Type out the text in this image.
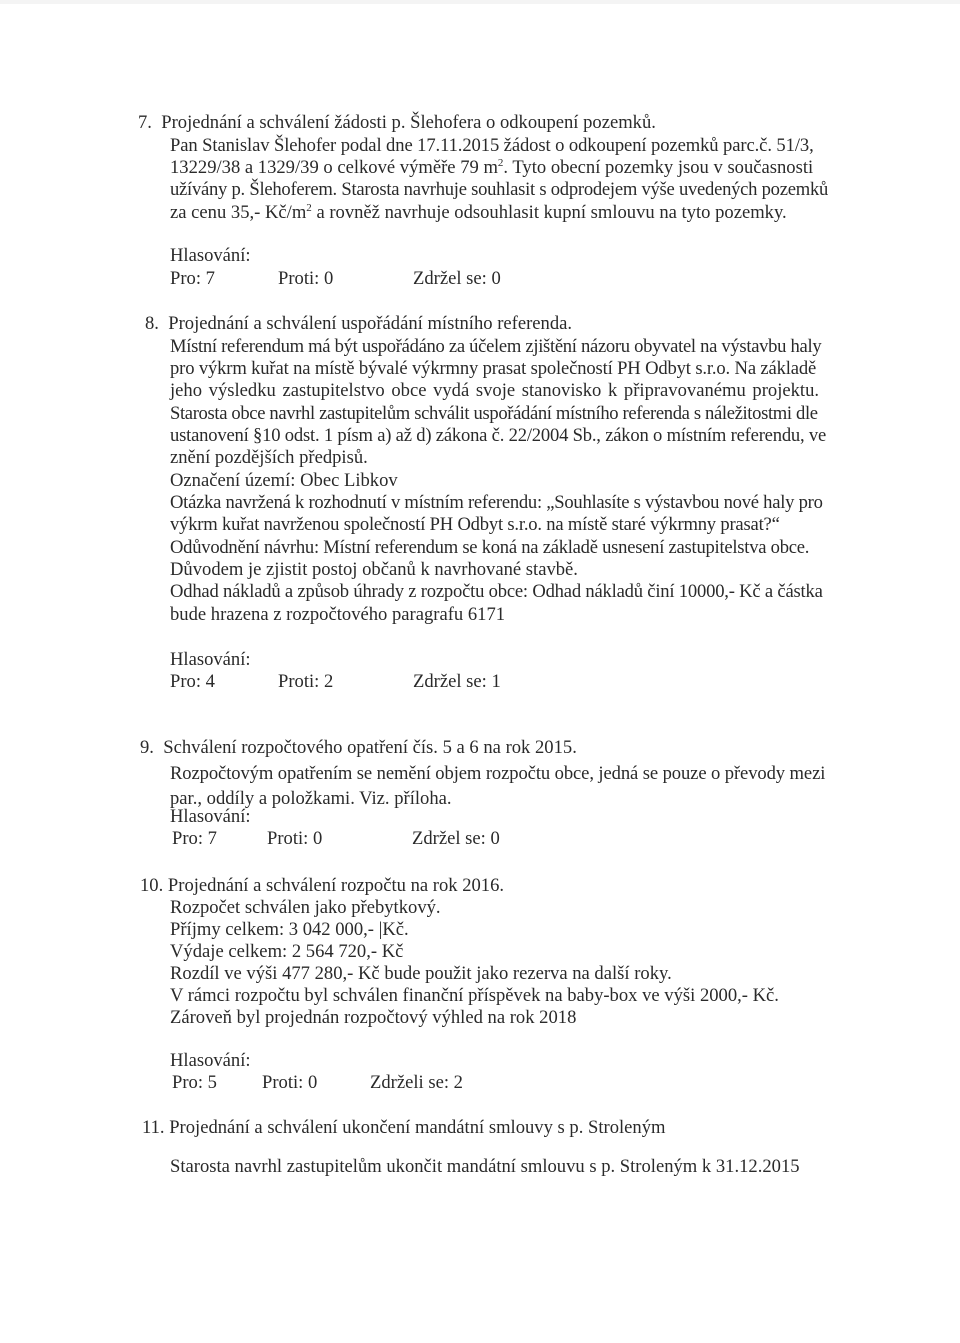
7. Projednání a schválení žádosti p. Šlehofera o odkoupení pozemků.
Pan Stanislav Šlehofer podal dne 17.11.2015 žádost o odkoupení pozemků parc.č. 51/3,
13229/38 a 1329/39 o celkové výměře 79 $m^2$. Tyto obecní pozemky jsou v současnosti
užívány p. Šlehoferem. Starosta navrhuje souhlasit s odprodejem výše uvedených pozemků
za cenu 35,- $Kč/m^2$ a rovněž navrhuje odsouhlasit kupní smlouvu na tyto pozemky.
Hlasování:
Pro: 7	Proti: 0	Zdržel se: 0
8. Projednání a schválení uspořádání místního referenda.
Místní referendum má být uspořádáno za účelem zjištění názoru obyvatel na výstavbu haly
pro výkrm kuřat na místě bývalé výkrmny prasat společností PH Odbyt s.r.o. Na základě
jeho výsledku zastupitelstvo obce vydá svoje stanovisko k připravovanému projektu.
Starosta obce navrhl zastupitelům schválit uspořádání místního referenda s náležitostmi dle
ustanovení §10 odst. 1 písm a) až d) zákona č. 22/2004 Sb., zákon o místním referendu, ve
znění pozdějších předpisů.
Označení území: Obec Libkov
Otázka navržená k rozhodnutí v místním referendu: „Souhlasíte s výstavbou nové haly pro
výkrm kuřat navrženou společností PH Odbyt s.r.o. na místě staré výkrmny prasat?“
Odůvodnění návrhu: Místní referendum se koná na základě usnesení zastupitelstva obce.
Důvodem je zjistit postoj občanů k navrhované stavbě.
Odhad nákladů a způsob úhrady z rozpočtu obce: Odhad nákladů činí 10000,- Kč a částka
bude hrazena z rozpočtového paragrafu 6171
Hlasování:
Pro: 4	Proti: 2	Zdržel se: 1
9. Schválení rozpočtového opatření čís. 5 a 6 na rok 2015.
Rozpočtovým opatřením se nemění objem rozpočtu obce, jedná se pouze o převody mezi
par., oddíly a položkami. Viz. příloha.
Hlasování:
Pro: 7	Proti: 0	Zdržel se: 0
10. Projednání a schválení rozpočtu na rok 2016.
Rozpočet schválen jako přebytkový.
Příjmy celkem: 3 042 000,- |Kč.
Výdaje celkem: 2 564 720,- Kč
Rozdíl ve výši 477 280,- Kč bude použit jako rezerva na další roky.
V rámci rozpočtu byl schválen finanční příspěvek na baby-box ve výši 2000,- Kč.
Zároveň byl projednán rozpočtový výhled na rok 2018
Hlasování:
Pro: 5 Proti: 0	Zdrželi se: 2
11. Projednání a schválení ukončení mandátní smlouvy s p. Stroleným
Starosta navrhl zastupitelům ukončit mandátní smlouvu s p. Stroleným k 31.12.2015
